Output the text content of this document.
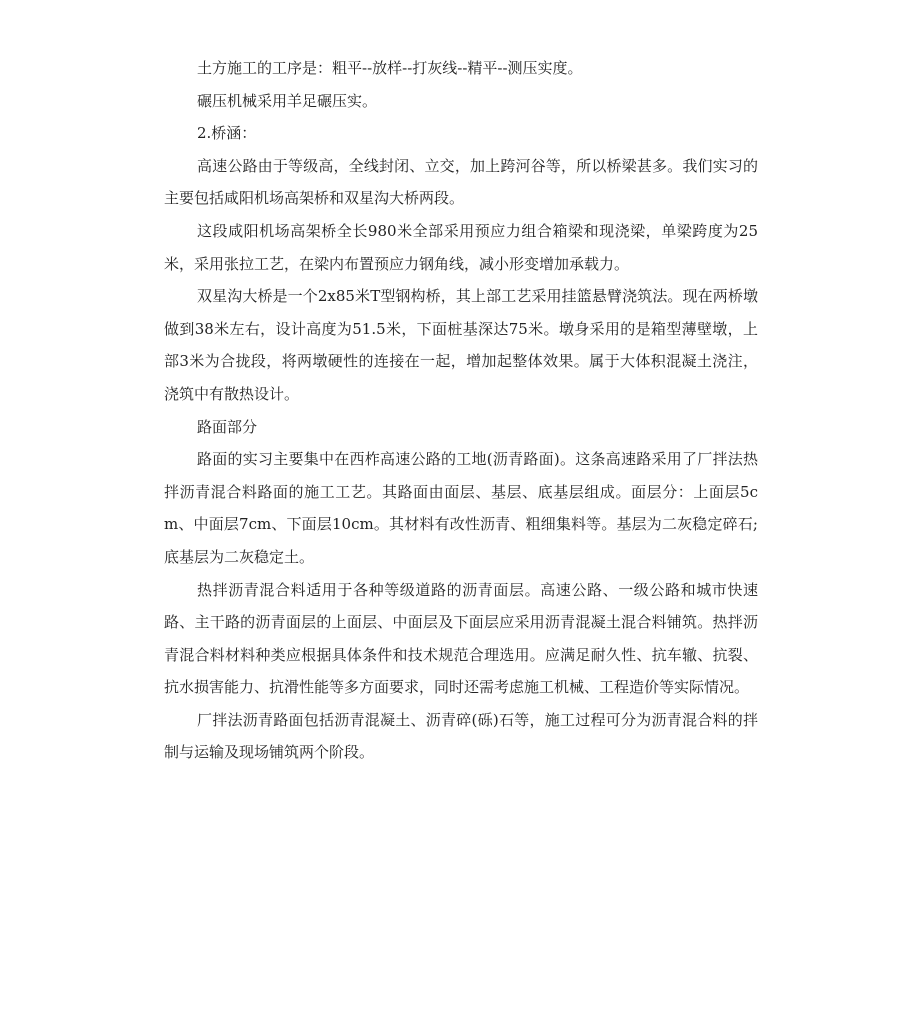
土方施工的工序是：粗平--放样--打灰线--精平--测压实度。

碾压机械采用羊足碾压实。

2.桥涵：

高速公路由于等级高，全线封闭、立交，加上跨河谷等，所以桥梁甚多。我们实习的主要包括咸阳机场高架桥和双星沟大桥两段。

这段咸阳机场高架桥全长980米全部采用预应力组合箱梁和现浇梁，单梁跨度为25米，采用张拉工艺，在梁内布置预应力钢角线，减小形变增加承载力。

双星沟大桥是一个2x85米T型钢构桥，其上部工艺采用挂篮悬臂浇筑法。现在两桥墩做到38米左右，设计高度为51.5米，下面桩基深达75米。墩身采用的是箱型薄壁墩，上部3米为合拢段，将两墩硬性的连接在一起，增加起整体效果。属于大体积混凝土浇注，浇筑中有散热设计。

路面部分

路面的实习主要集中在西柞高速公路的工地(沥青路面)。这条高速路采用了厂拌法热拌沥青混合料路面的施工工艺。其路面由面层、基层、底基层组成。面层分：上面层5cm、中面层7cm、下面层10cm。其材料有改性沥青、粗细集料等。基层为二灰稳定碎石;底基层为二灰稳定土。

热拌沥青混合料适用于各种等级道路的沥青面层。高速公路、一级公路和城市快速路、主干路的沥青面层的上面层、中面层及下面层应采用沥青混凝土混合料铺筑。热拌沥青混合料材料种类应根据具体条件和技术规范合理选用。应满足耐久性、抗车辙、抗裂、抗水损害能力、抗滑性能等多方面要求，同时还需考虑施工机械、工程造价等实际情况。

厂拌法沥青路面包括沥青混凝土、沥青碎(砾)石等，施工过程可分为沥青混合料的拌制与运输及现场铺筑两个阶段。
